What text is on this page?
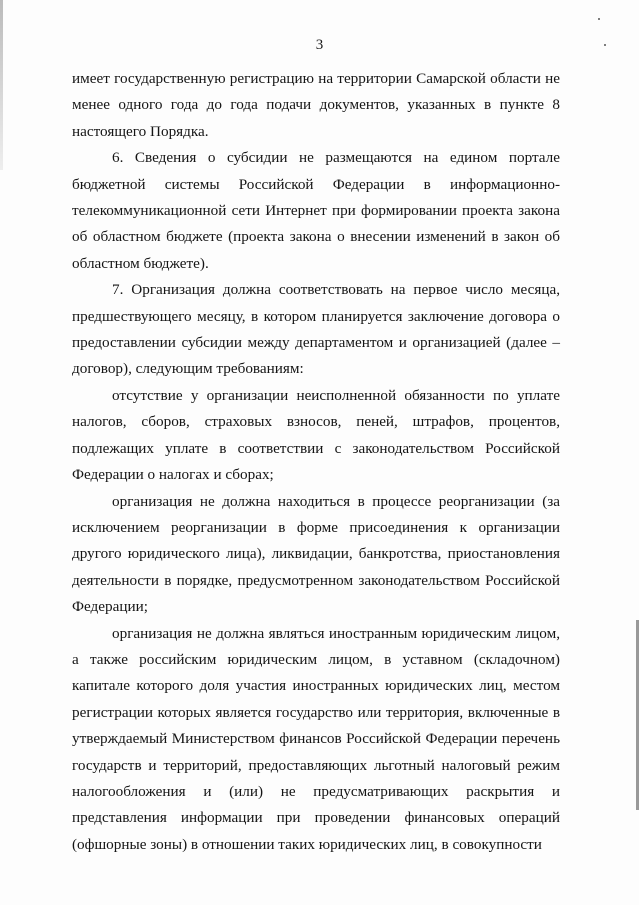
3

имеет государственную регистрацию на территории Самарской области не менее одного года до года подачи документов, указанных в пункте 8 настоящего Порядка.

6. Сведения о субсидии не размещаются на едином портале бюджетной системы Российской Федерации в информационно-телекоммуникационной сети Интернет при формировании проекта закона об областном бюджете (проекта закона о внесении изменений в закон об областном бюджете).

7. Организация должна соответствовать на первое число месяца, предшествующего месяцу, в котором планируется заключение договора о предоставлении субсидии между департаментом и организацией (далее – договор), следующим требованиям:

отсутствие у организации неисполненной обязанности по уплате налогов, сборов, страховых взносов, пеней, штрафов, процентов, подлежащих уплате в соответствии с законодательством Российской Федерации о налогах и сборах;

организация не должна находиться в процессе реорганизации (за исключением реорганизации в форме присоединения к организации другого юридического лица), ликвидации, банкротства, приостановления деятельности в порядке, предусмотренном законодательством Российской Федерации;

организация не должна являться иностранным юридическим лицом, а также российским юридическим лицом, в уставном (складочном) капитале которого доля участия иностранных юридических лиц, местом регистрации которых является государство или территория, включенные в утверждаемый Министерством финансов Российской Федерации перечень государств и территорий, предоставляющих льготный налоговый режим налогообложения и (или) не предусматривающих раскрытия и представления информации при проведении финансовых операций (офшорные зоны) в отношении таких юридических лиц, в совокупности
